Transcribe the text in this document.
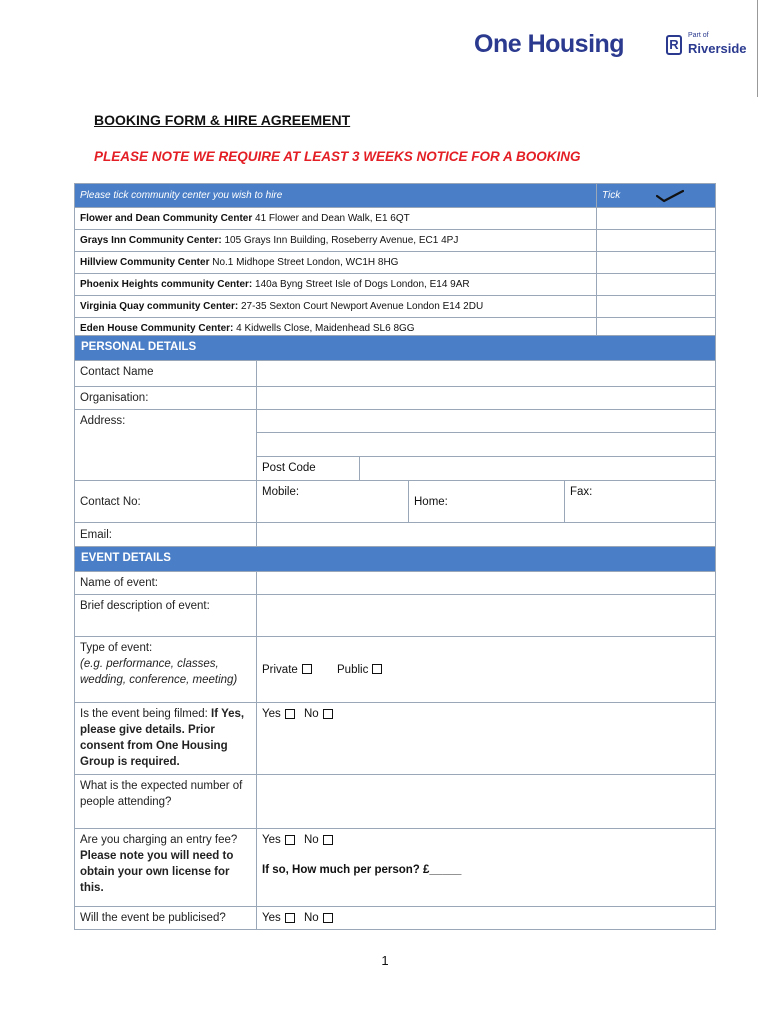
One Housing	R
Part of
Riverside
BOOKING FORM & HIRE AGREEMENT
PLEASE NOTE WE REQUIRE AT LEAST 3 WEEKS NOTICE FOR A BOOKING
Please tick community center you wish to hire	Tick
Flower and Dean Community Center 41 Flower and Dean Walk, E1 6QT	
Grays Inn Community Center: 105 Grays Inn Building, Roseberry Avenue, EC1 4PJ	
Hillview Community Center No.1 Midhope Street London, WC1H 8HG	
Phoenix Heights community Center: 140a Byng Street Isle of Dogs London, E14 9AR	
Virginia Quay community Center: 27-35 Sexton Court Newport Avenue London E14 2DU	
Eden House Community Center: 4 Kidwells Close, Maidenhead SL6 8GG	
PERSONAL DETAILS				
Contact Name				
Organisation:				
Address:				

	Post Code			
Contact No:	Mobile:		Home:	Fax:
Email:				
EVENT DETAILS				
Name of event:				
Brief description of event:				

Type of event:
(e.g. performance, classes, wedding, conference, meeting)	Private Public			
Is the event being filmed: If Yes, please give details. Prior consent from One Housing Group is required.	Yes No			
What is the expected number of people attending?				
Are you charging an entry fee? Please note you will need to obtain your own license for this.	Yes No
If so, How much per person? £_____			

Will the event be publicised?	Yes No			
1
